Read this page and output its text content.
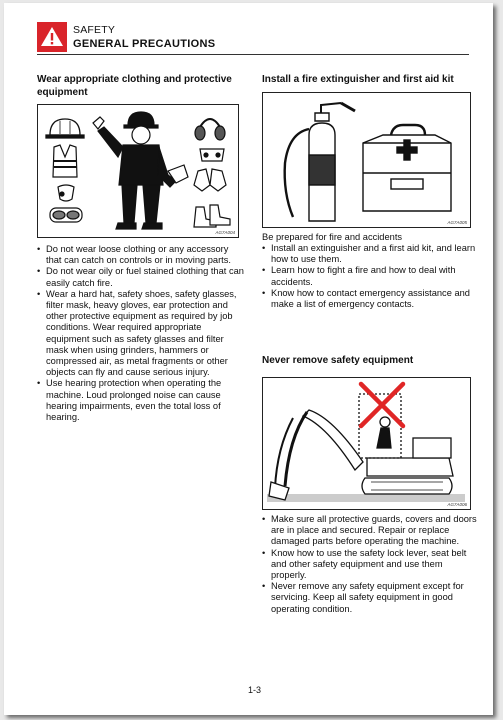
SAFETY
GENERAL PRECAUTIONS
Wear appropriate clothing and protective equipment
AG7A004
• Do not wear loose clothing or any accessory that can catch on controls or in moving parts.
• Do not wear oily or fuel stained clothing that can easily catch fire.
• Wear a hard hat, safety shoes, safety glasses, filter mask, heavy gloves, ear protection and other protective equipment as required by job conditions. Wear required appropriate equipment such as safety glasses and filter mask when using grinders, hammers or compressed air, as metal fragments or other objects can fly and cause serious injury.
• Use hearing protection when operating the machine. Loud prolonged noise can cause hearing impairments, even the total loss of hearing.
Install a fire extinguisher and first aid kit
AG7A005
Be prepared for fire and accidents
• Install an extinguisher and a first aid kit, and learn how to use them.
• Learn how to fight a fire and how to deal with accidents.
• Know how to contact emergency assistance and make a list of emergency contacts.
Never remove safety equipment
AG7A006
• Make sure all protective guards, covers and doors are in place and secured. Repair or replace damaged parts before operating the machine.
• Know how to use the safety lock lever, seat belt and other safety equipment and use them properly.
• Never remove any safety equipment except for servicing. Keep all safety equipment in good operating condition.
1-3
